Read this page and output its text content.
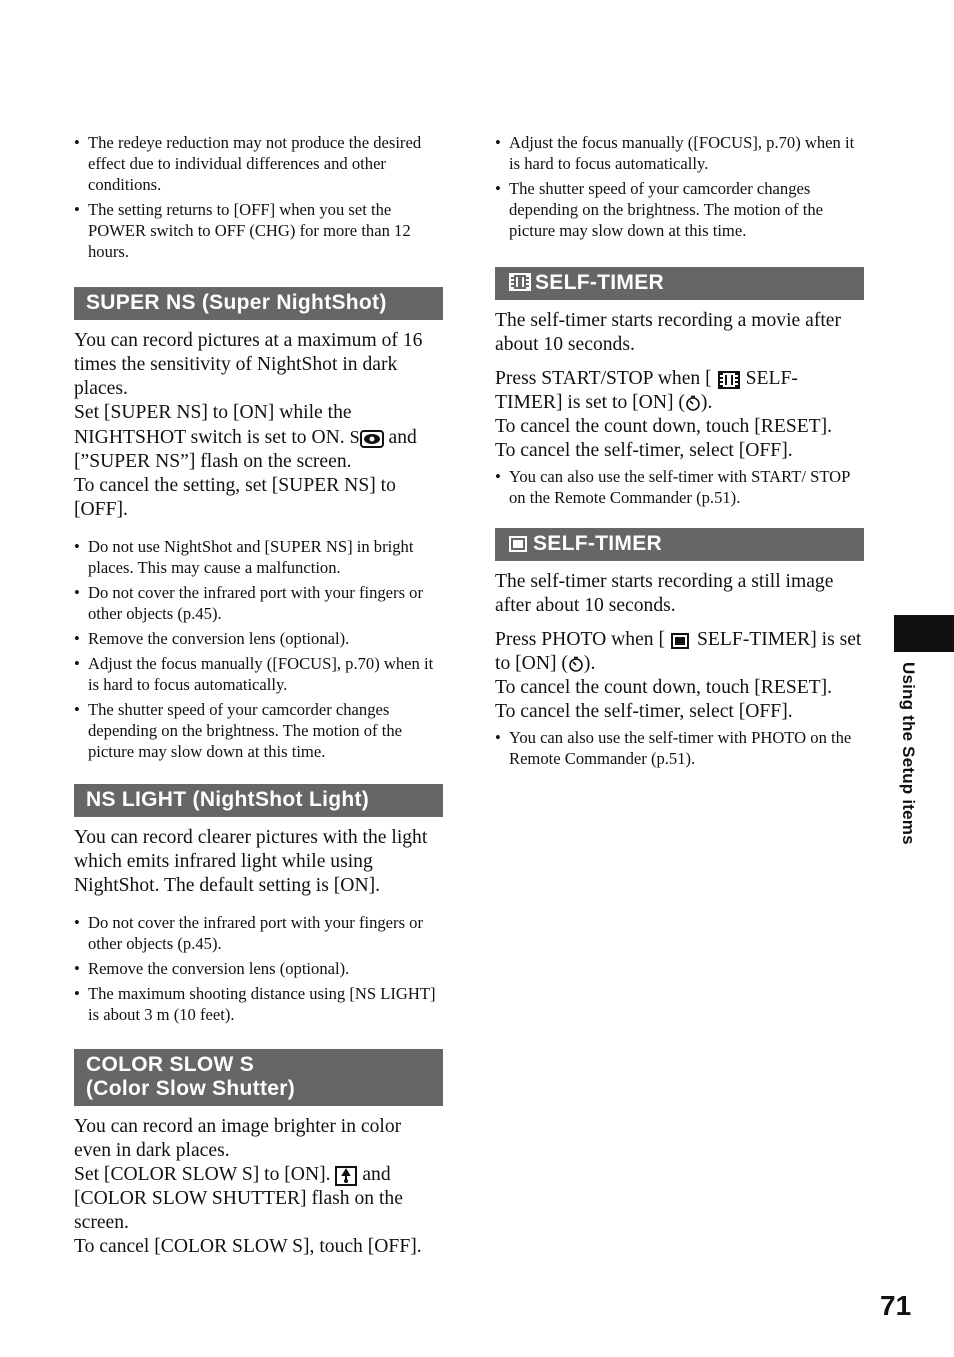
• The redeye reduction may not produce the desired effect due to individual differences and other conditions.
• The setting returns to [OFF] when you set the POWER switch to OFF (CHG) for more than 12 hours.
SUPER NS (Super NightShot)

You can record pictures at a maximum of 16 times the sensitivity of NightShot in dark places.

Set [SUPER NS] to [ON] while the NIGHTSHOT switch is set to ON. S and [”SUPER NS”] flash on the screen.

To cancel the setting, set [SUPER NS] to [OFF].

• Do not use NightShot and [SUPER NS] in bright places. This may cause a malfunction.
• Do not cover the infrared port with your fingers or other objects (p.45).
• Remove the conversion lens (optional).
• Adjust the focus manually ([FOCUS], p.70) when it is hard to focus automatically.
• The shutter speed of your camcorder changes depending on the brightness. The motion of the picture may slow down at this time.
NS LIGHT (NightShot Light)

You can record clearer pictures with the light which emits infrared light while using NightShot. The default setting is [ON].

• Do not cover the infrared port with your fingers or other objects (p.45).
• Remove the conversion lens (optional).
• The maximum shooting distance using [NS LIGHT] is about 3 m (10 feet).
COLOR SLOW S
(Color Slow Shutter)

You can record an image brighter in color even in dark places.

Set [COLOR SLOW S] to [ON]. and [COLOR SLOW SHUTTER] flash on the screen.

To cancel [COLOR SLOW S], touch [OFF].

• Adjust the focus manually ([FOCUS], p.70) when it is hard to focus automatically.
• The shutter speed of your camcorder changes depending on the brightness. The motion of the picture may slow down at this time.
SELF-TIMER

The self-timer starts recording a movie after about 10 seconds.

Press START/STOP when [ SELF-TIMER] is set to [ON] ( ).

To cancel the count down, touch [RESET].

To cancel the self-timer, select [OFF].

• You can also use the self-timer with START/ STOP on the Remote Commander (p.51).
SELF-TIMER

The self-timer starts recording a still image after about 10 seconds.

Press PHOTO when [ SELF-TIMER] is set to [ON] ( ).

To cancel the count down, touch [RESET].

To cancel the self-timer, select [OFF].

• You can also use the self-timer with PHOTO on the Remote Commander (p.51).	Using the Setup items
71
